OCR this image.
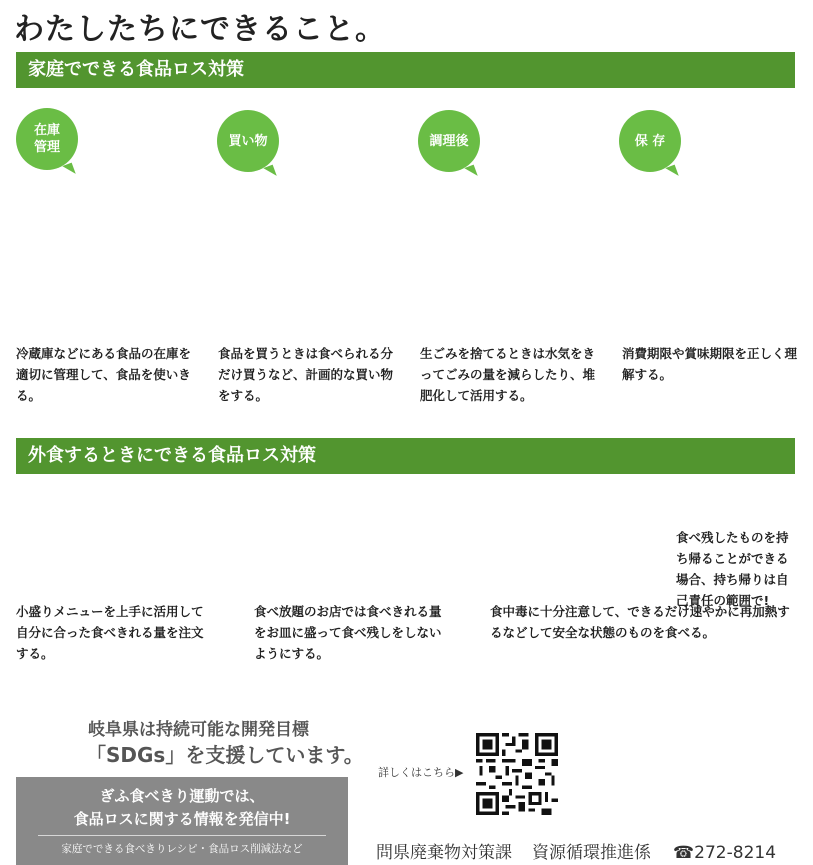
わたしたちにできること。
家庭でできる食品ロス対策
在庫
管理	買い物	調理後	保 存
冷蔵庫などにある食品の在庫を適切に管理して、食品を使いきる。
食品を買うときは食べられる分だけ買うなど、計画的な買い物をする。
生ごみを捨てるときは水気をきってごみの量を減らしたり、堆肥化して活用する。
消費期限や賞味期限を正しく理解する。
外食するときにできる食品ロス対策
食べ残したものを持ち帰ることができる場合、持ち帰りは自己責任の範囲で!
小盛りメニューを上手に活用して自分に合った食べきれる量を注文する。
食べ放題のお店では食べきれる量をお皿に盛って食べ残しをしないようにする。
食中毒に十分注意して、できるだけ速やかに再加熱するなどして安全な状態のものを食べる。
岐阜県は持続可能な開発目標
「SDGs」を支援しています。
ぎふ食べきり運動では、
食品ロスに関する情報を発信中!
家庭でできる食べきりレシピ・食品ロス削減法など
詳しくはこちら▶
問県廃棄物対策課 資源循環推進係 ☎272-8214
